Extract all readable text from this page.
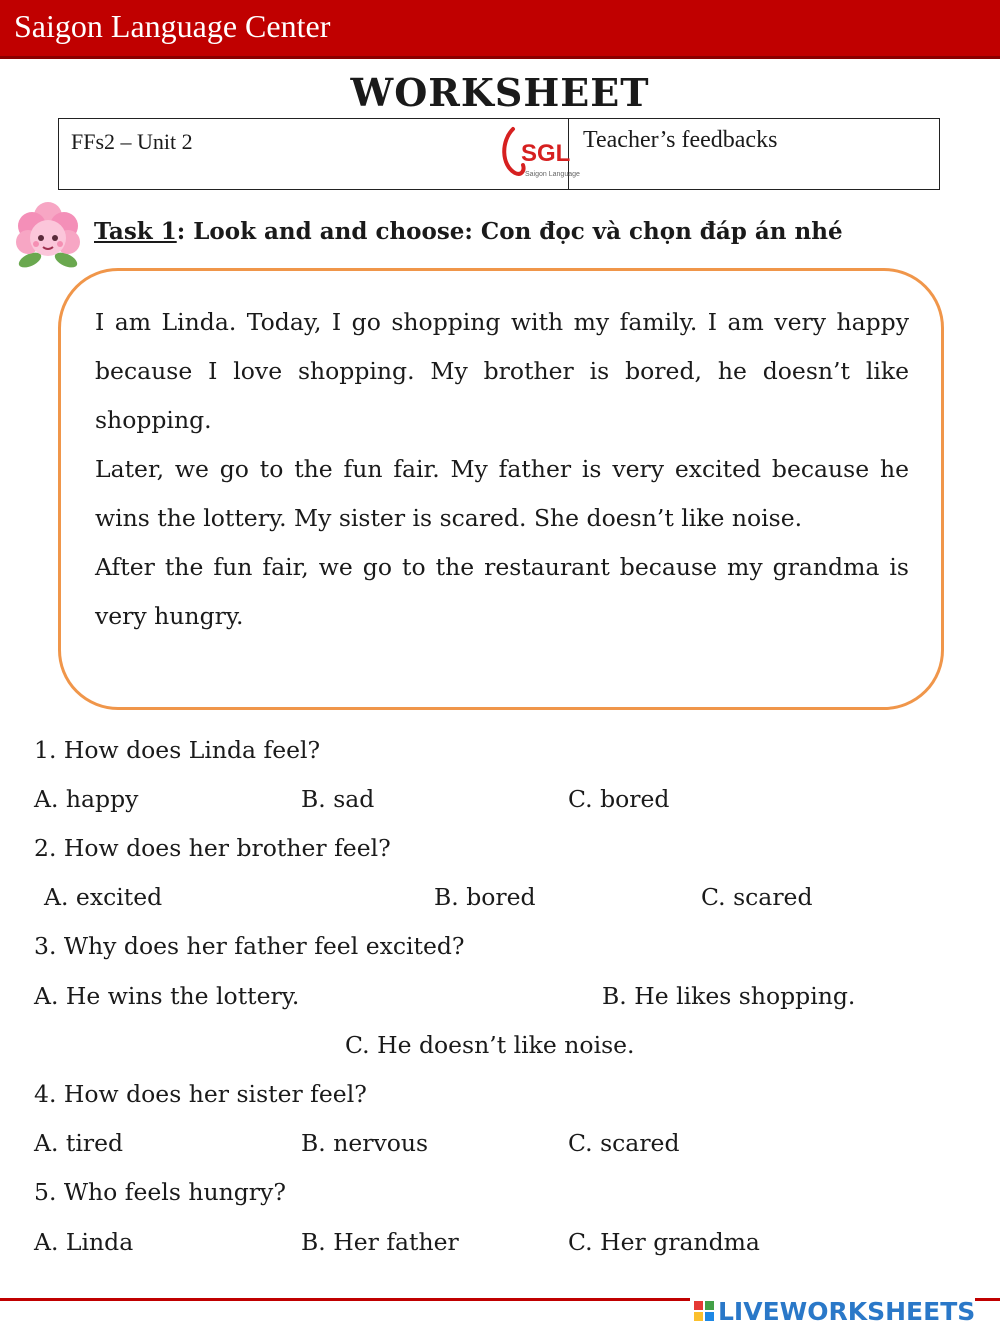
Saigon Language Center
WORKSHEET
FFs2 – Unit 2	SGL
Saigon Language
Teacher’s feedbacks
Task 1: Look and and choose: Con đọc và chọn đáp án nhé

I am Linda. Today, I go shopping with my family. I am very happy because I love shopping. My brother is bored, he doesn’t like shopping.

Later, we go to the fun fair. My father is very excited because he wins the lottery. My sister is scared. She doesn’t like noise.

After the fun fair, we go to the restaurant because my grandma is very hungry.

1. How does Linda feel?
A. happy	B. sad	C. bored
2. How does her brother feel?
A. excited	B. bored	C. scared
3. Why does her father feel excited?
A. He wins the lottery.	B. He likes shopping.
C. He doesn’t like noise.
4. How does her sister feel?
A. tired	B. nervous	C. scared
5. Who feels hungry?
A. Linda	B. Her father	C. Her grandma
LIVEWORKSHEETS
